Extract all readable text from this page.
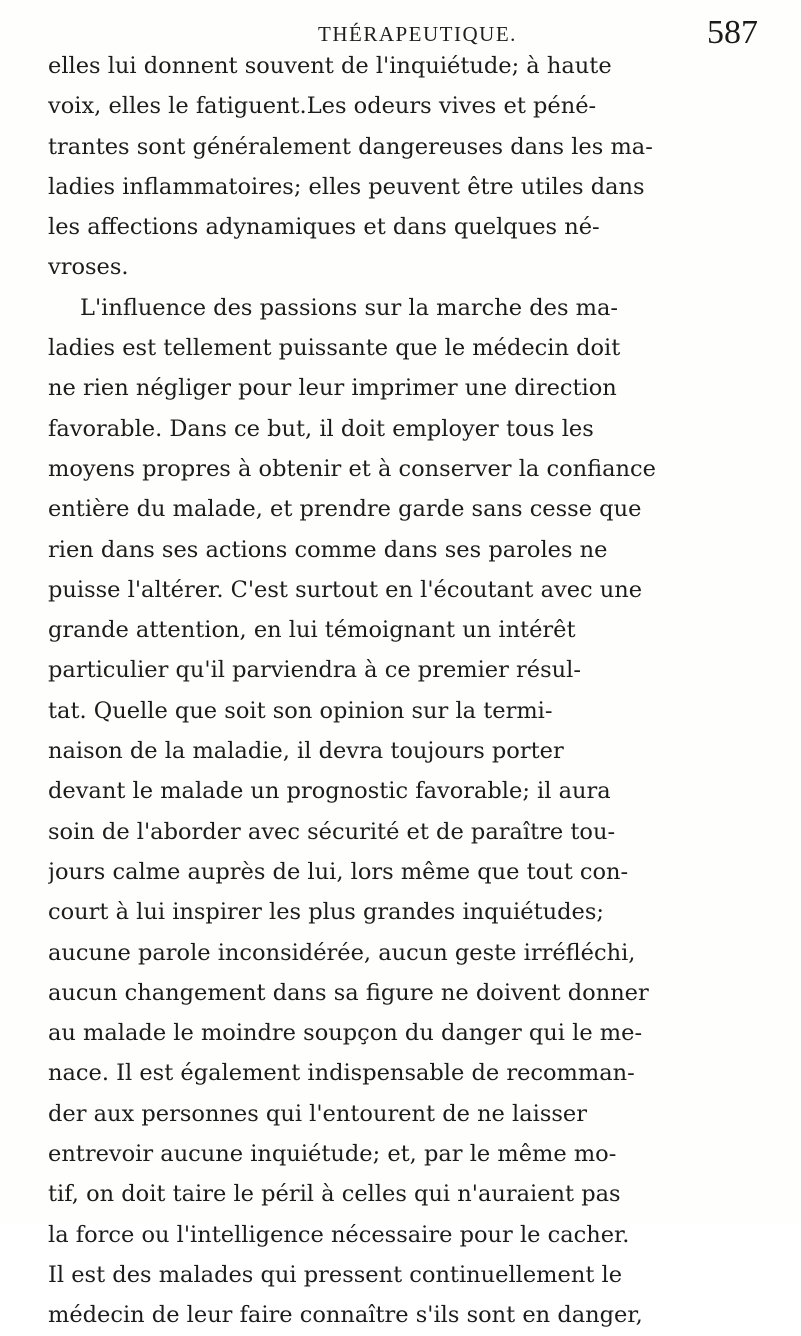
THÉRAPEUTIQUE.	587
elles lui donnent souvent de l'inquiétude; à haute
voix, elles le fatiguent.Les odeurs vives et péné-
trantes sont généralement dangereuses dans les ma-
ladies inflammatoires; elles peuvent être utiles dans
les affections adynamiques et dans quelques né-
vroses.
L'influence des passions sur la marche des ma-
ladies est tellement puissante que le médecin doit
ne rien négliger pour leur imprimer une direction
favorable. Dans ce but, il doit employer tous les
moyens propres à obtenir et à conserver la confiance
entière du malade, et prendre garde sans cesse que
rien dans ses actions comme dans ses paroles ne
puisse l'altérer. C'est surtout en l'écoutant avec une
grande attention, en lui témoignant un intérêt
particulier qu'il parviendra à ce premier résul-
tat. Quelle que soit son opinion sur la termi-
naison de la maladie, il devra toujours porter
devant le malade un prognostic favorable; il aura
soin de l'aborder avec sécurité et de paraître tou-
jours calme auprès de lui, lors même que tout con-
court à lui inspirer les plus grandes inquiétudes;
aucune parole inconsidérée, aucun geste irréfléchi,
aucun changement dans sa figure ne doivent donner
au malade le moindre soupçon du danger qui le me-
nace. Il est également indispensable de recomman-
der aux personnes qui l'entourent de ne laisser
entrevoir aucune inquiétude; et, par le même mo-
tif, on doit taire le péril à celles qui n'auraient pas
la force ou l'intelligence nécessaire pour le cacher.
Il est des malades qui pressent continuellement le
médecin de leur faire connaître s'ils sont en danger,
